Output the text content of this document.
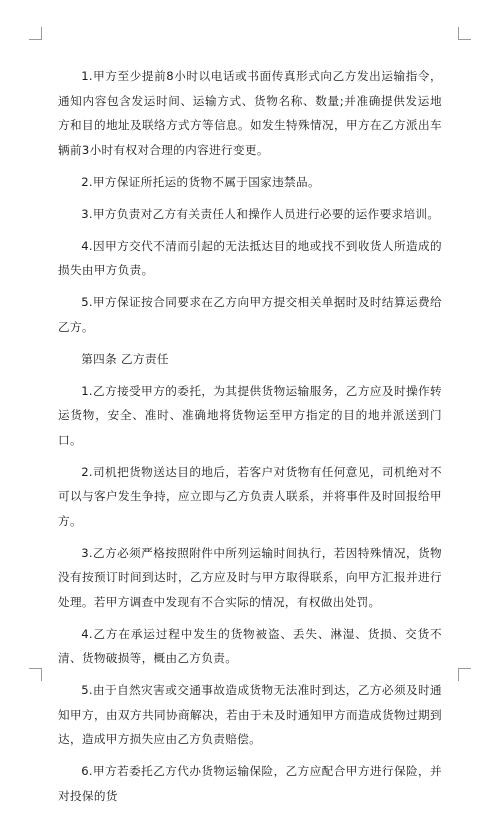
1.甲方至少提前8小时以电话或书面传真形式向乙方发出运输指令，通知内容包含发运时间、运输方式、货物名称、数量;并准确提供发运地方和目的地址及联络方式方等信息。如发生特殊情况，甲方在乙方派出车辆前3小时有权对合理的内容进行变更。

2.甲方保证所托运的货物不属于国家违禁品。

3.甲方负责对乙方有关责任人和操作人员进行必要的运作要求培训。

4.因甲方交代不清而引起的无法抵达目的地或找不到收货人所造成的损失由甲方负责。

5.甲方保证按合同要求在乙方向甲方提交相关单据时及时结算运费给乙方。

第四条 乙方责任

1.乙方接受甲方的委托，为其提供货物运输服务，乙方应及时操作转运货物，安全、准时、准确地将货物运至甲方指定的目的地并派送到门口。

2.司机把货物送达目的地后，若客户对货物有任何意见，司机绝对不可以与客户发生争持，应立即与乙方负责人联系，并将事件及时回报给甲方。

3.乙方必须严格按照附件中所列运输时间执行，若因特殊情况，货物没有按预订时间到达时，乙方应及时与甲方取得联系，向甲方汇报并进行处理。若甲方调查中发现有不合实际的情况，有权做出处罚。

4.乙方在承运过程中发生的货物被盗、丢失、淋湿、货损、交货不清、货物破损等，概由乙方负责。

5.由于自然灾害或交通事故造成货物无法准时到达，乙方必须及时通知甲方，由双方共同协商解决，若由于未及时通知甲方而造成货物过期到达，造成甲方损失应由乙方负责赔偿。

6.甲方若委托乙方代办货物运输保险，乙方应配合甲方进行保险，并对投保的货
